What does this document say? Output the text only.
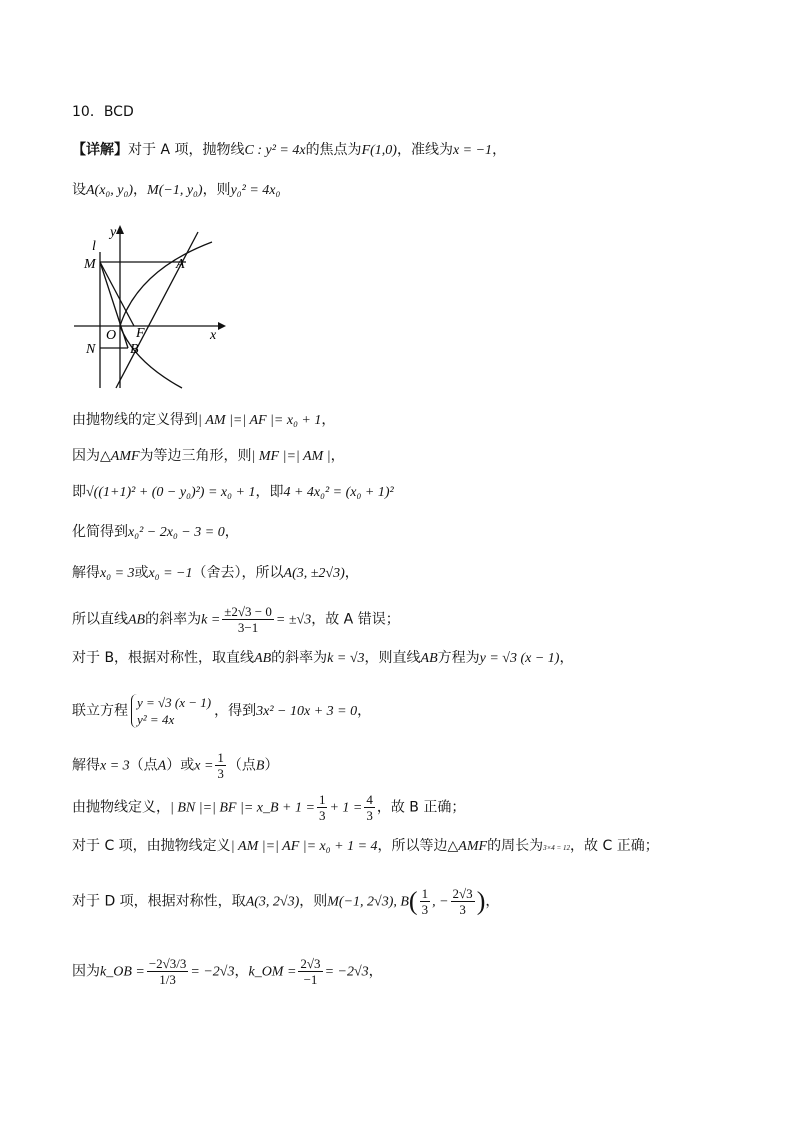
10．BCD
【详解】对于 A 项，抛物线C : y² = 4x的焦点为F(1,0)，准线为x = −1，
设A(x₀, y₀)，M(−1, y₀)，则y₀² = 4x₀
y
l
M	A
O F	x
N B
由抛物线的定义得到| AM |=| AF |= x₀ + 1，
因为△AMF为等边三角形，则| MF |=| AM |，
即√((1+1)² + (0 − y₀)²) = x₀ + 1，即4 + 4x₀² = (x₀ + 1)²
化简得到x₀² − 2x₀ − 3 = 0，
解得x₀ = 3或x₀ = −1（舍去），所以A(3, ±2√3)，
所以直线AB的斜率为$k = \frac{\pm 2√3 - 0}{3-1} = \pm√3$，故 A 错误；
对于 B，根据对称性，取直线AB的斜率为k = √3，则直线AB方程为y = √3 (x − 1)，
联立方程
y = √3 (x − 1)
y² = 4x
，得到3x² − 10x + 3 = 0，
解得x = 3（点A）或$x = \frac{1}{3}$ （点B）
由抛物线定义，| BN |=| BF |= x_B + $1 = \frac{1}{3} + 1 = \frac{4}{3}$ ，故 B 正确；
对于 C 项，由抛物线定义| AM |=| AF |= x₀ + 1 = 4，所以等边△AMF的周长为3×4 = 12，故 C 正确；
对于 D 项，根据对称性，取A(3, 2√3)，则M(−1, 2√3), $B( \frac{1}{3}$ , − $\frac{2√3}{3}$ )，
因为k_OB = $\frac{-2√3/3}{1/3} = -2√3$，k_OM = $\frac{2√3}{-1} = -2√3$，
